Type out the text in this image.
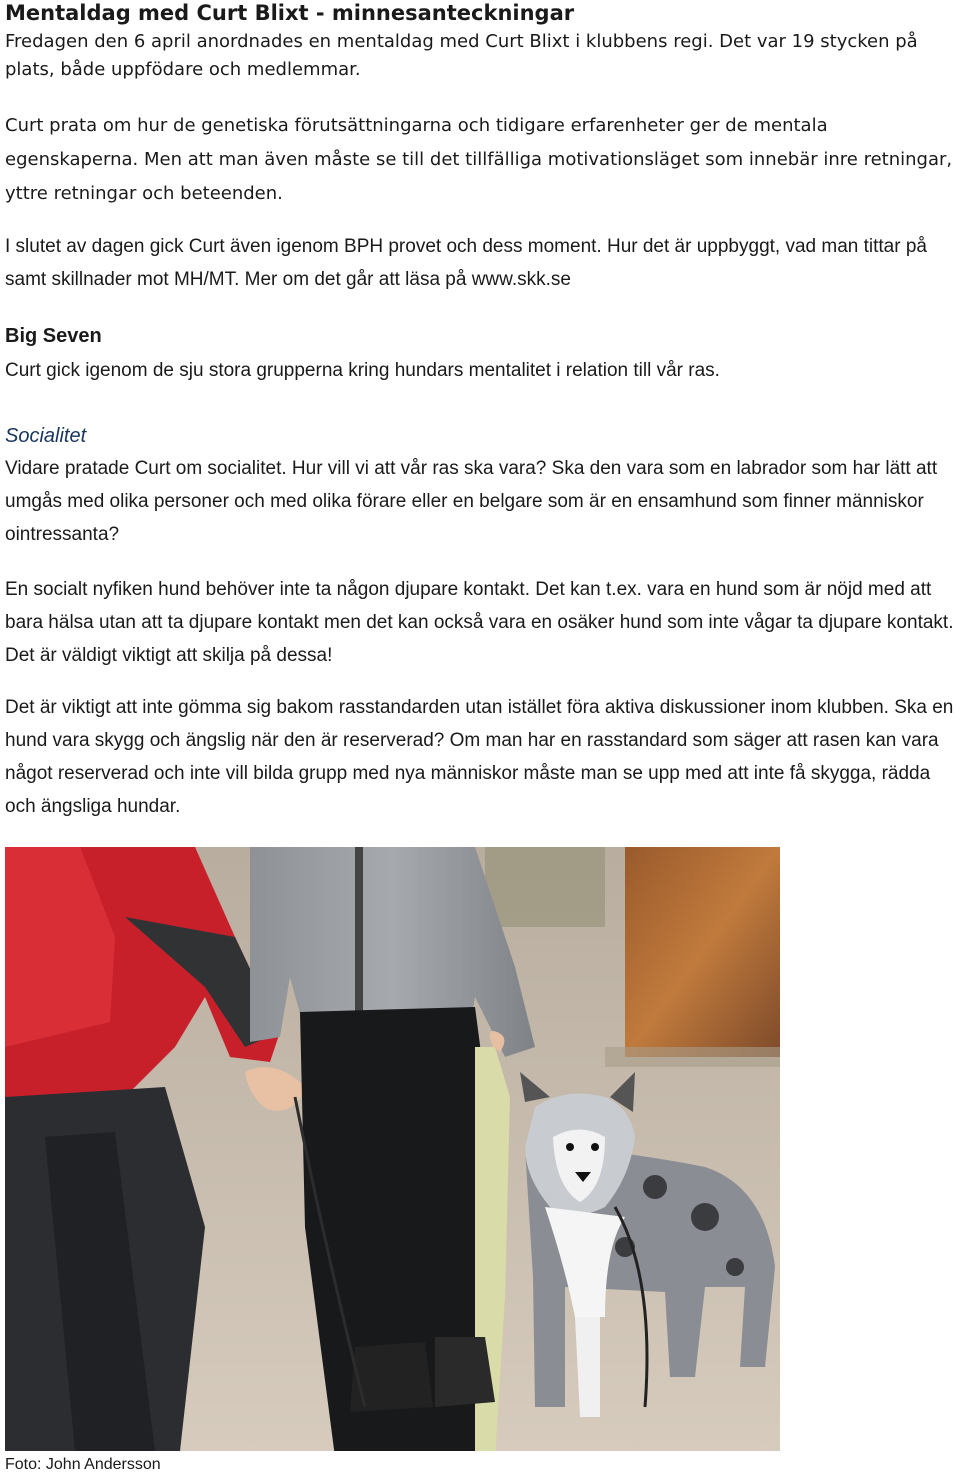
Mentaldag med Curt Blixt - minnesanteckningar
Fredagen den 6 april anordnades en mentaldag med Curt Blixt i klubbens regi. Det var 19 stycken på plats, både uppfödare och medlemmar.
Curt prata om hur de genetiska förutsättningarna och tidigare erfarenheter ger de mentala egenskaperna. Men att man även måste se till det tillfälliga motivationsläget som innebär inre retningar, yttre retningar och beteenden.
I slutet av dagen gick Curt även igenom BPH provet och dess moment. Hur det är uppbyggt, vad man tittar på samt skillnader mot MH/MT. Mer om det går att läsa på www.skk.se
Big Seven
Curt gick igenom de sju stora grupperna kring hundars mentalitet i relation till vår ras.
Socialitet
Vidare pratade Curt om socialitet. Hur vill vi att vår ras ska vara? Ska den vara som en labrador som har lätt att umgås med olika personer och med olika förare eller en belgare som är en ensamhund som finner människor ointressanta?
En socialt nyfiken hund behöver inte ta någon djupare kontakt. Det kan t.ex. vara en hund som är nöjd med att bara hälsa utan att ta djupare kontakt men det kan också vara en osäker hund som inte vågar ta djupare kontakt. Det är väldigt viktigt att skilja på dessa!
Det är viktigt att inte gömma sig bakom rasstandarden utan istället föra aktiva diskussioner inom klubben. Ska en hund vara skygg och ängslig när den är reserverad? Om man har en rasstandard som säger att rasen kan vara något reserverad och inte vill bilda grupp med nya människor måste man se upp med att inte få skygga, rädda och ängsliga hundar.
Foto: John Andersson
